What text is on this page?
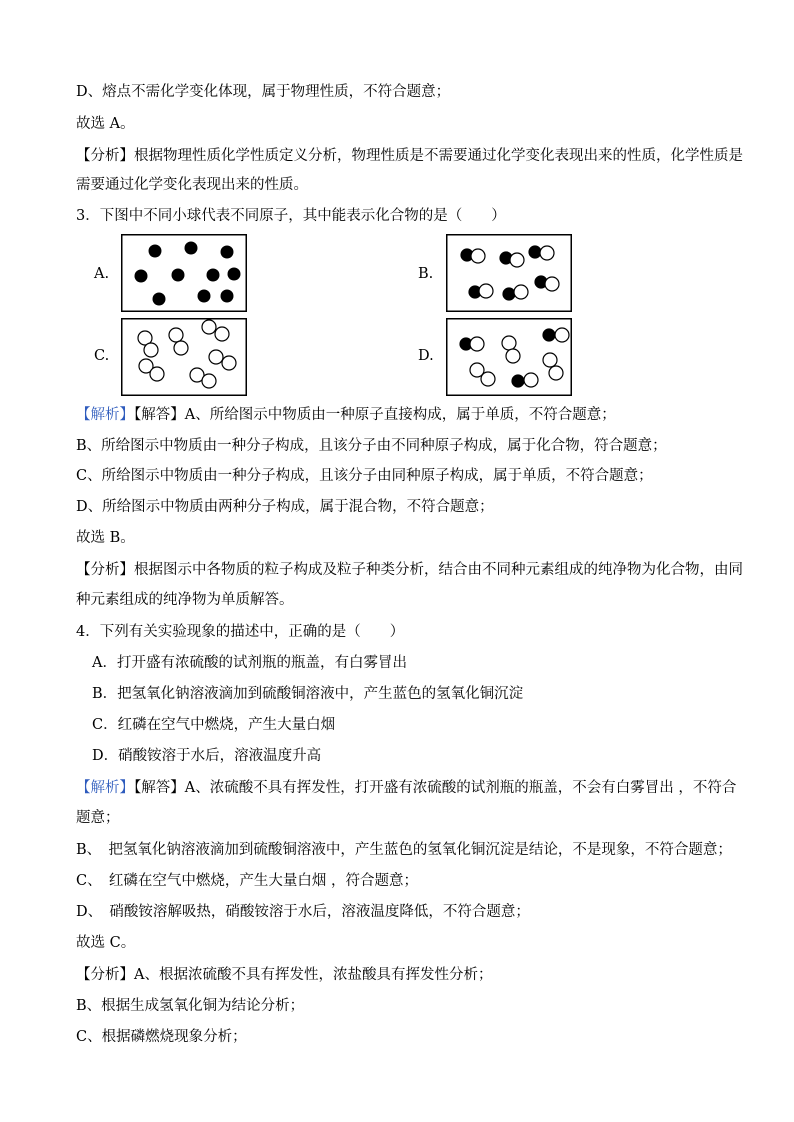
D、熔点不需化学变化体现，属于物理性质，不符合题意；
故选 A。
【分析】根据物理性质化学性质定义分析，物理性质是不需要通过化学变化表现出来的性质，化学性质是
需要通过化学变化表现出来的性质。
3．下图中不同小球代表不同原子，其中能表示化合物的是（　　）
A.	B.
C.	D.
【解析】【解答】A、所给图示中物质由一种原子直接构成，属于单质，不符合题意；
B、所给图示中物质由一种分子构成，且该分子由不同种原子构成，属于化合物，符合题意；
C、所给图示中物质由一种分子构成，且该分子由同种原子构成，属于单质，不符合题意；
D、所给图示中物质由两种分子构成，属于混合物，不符合题意；
故选 B。
【分析】根据图示中各物质的粒子构成及粒子种类分析，结合由不同种元素组成的纯净物为化合物，由同
种元素组成的纯净物为单质解答。
4．下列有关实验现象的描述中，正确的是（　　）
A．打开盛有浓硫酸的试剂瓶的瓶盖，有白雾冒出
B．把氢氧化钠溶液滴加到硫酸铜溶液中，产生蓝色的氢氧化铜沉淀
C．红磷在空气中燃烧，产生大量白烟
D．硝酸铵溶于水后，溶液温度升高
【解析】【解答】A、浓硫酸不具有挥发性，打开盛有浓硫酸的试剂瓶的瓶盖，不会有白雾冒出 ，不符合
题意；
B、　把氢氧化钠溶液滴加到硫酸铜溶液中，产生蓝色的氢氧化铜沉淀是结论，不是现象，不符合题意；
C、　红磷在空气中燃烧，产生大量白烟 ，符合题意；
D、　硝酸铵溶解吸热，硝酸铵溶于水后，溶液温度降低，不符合题意；
故选 C。
【分析】A、根据浓硫酸不具有挥发性，浓盐酸具有挥发性分析；
B、根据生成氢氧化铜为结论分析；
C、根据磷燃烧现象分析；
